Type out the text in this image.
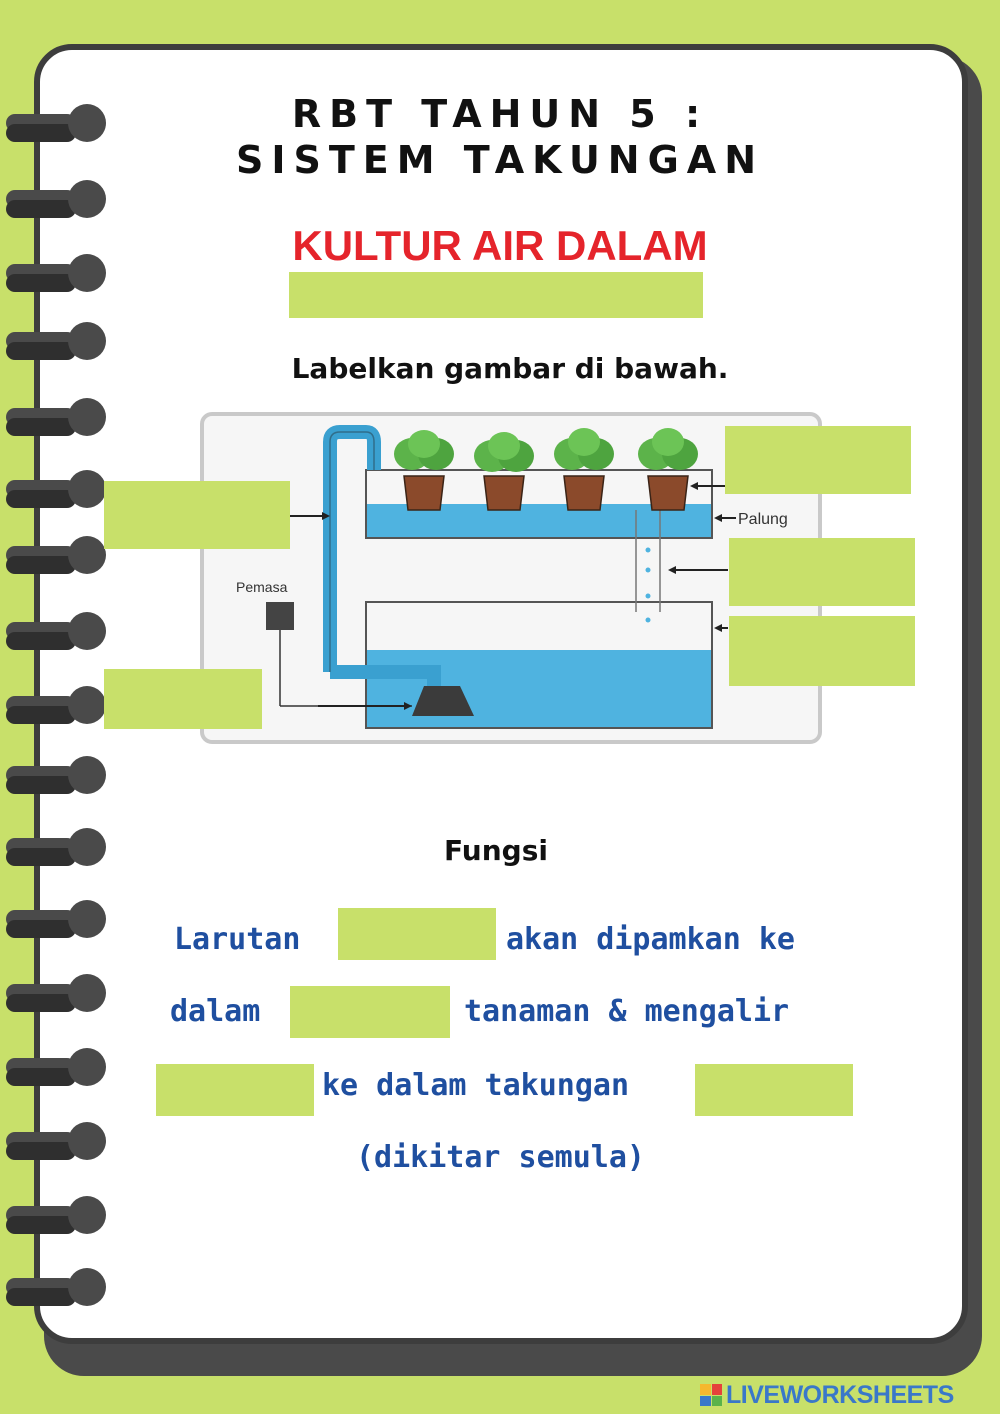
RBT TAHUN 5 :
SISTEM TAKUNGAN
KULTUR AIR DALAM
Labelkan gambar di bawah.
Pemasa
Palung
Fungsi
Larutan	akan dipamkan ke
dalam	tanaman & mengalir
ke dalam takungan
(dikitar semula)
LIVEWORKSHEETS
